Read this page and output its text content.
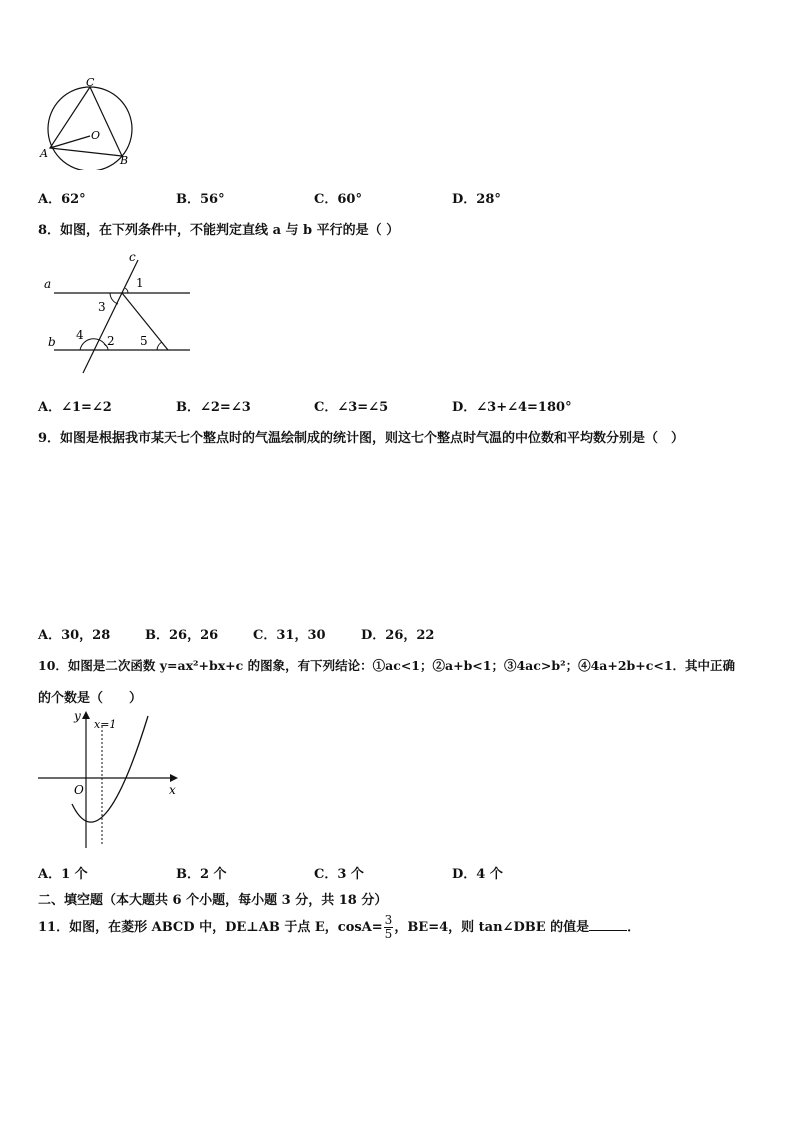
C
O
A
B
A．62°	B．56°	C．60°	D．28°
8．如图，在下列条件中，不能判定直线 a 与 b 平行的是（ ）
c
a
b
1
3
4 2 5
A．∠1=∠2	B．∠2=∠3	C．∠3=∠5	D．∠3+∠4=180°
9．如图是根据我市某天七个整点时的气温绘制成的统计图，则这七个整点时气温的中位数和平均数分别是（　）
A．30，28	B．26，26	C．31，30	D．26，22
10．如图是二次函数 y=ax²+bx+c 的图象，有下列结论：①ac<1；②a+b<1；③4ac>b²；④4a+2b+c<1．其中正确
的个数是（　　）
y
x=1
O	x
A．1 个	B．2 个	C．3 个	D．4 个
二、填空题（本大题共 6 个小题，每小题 3 分，共 18 分）
11．如图，在菱形 ABCD 中，DE⊥AB 于点 E，$\cos A= \frac{3}{5}$ ，BE=4，则 tan∠DBE 的值是	．
